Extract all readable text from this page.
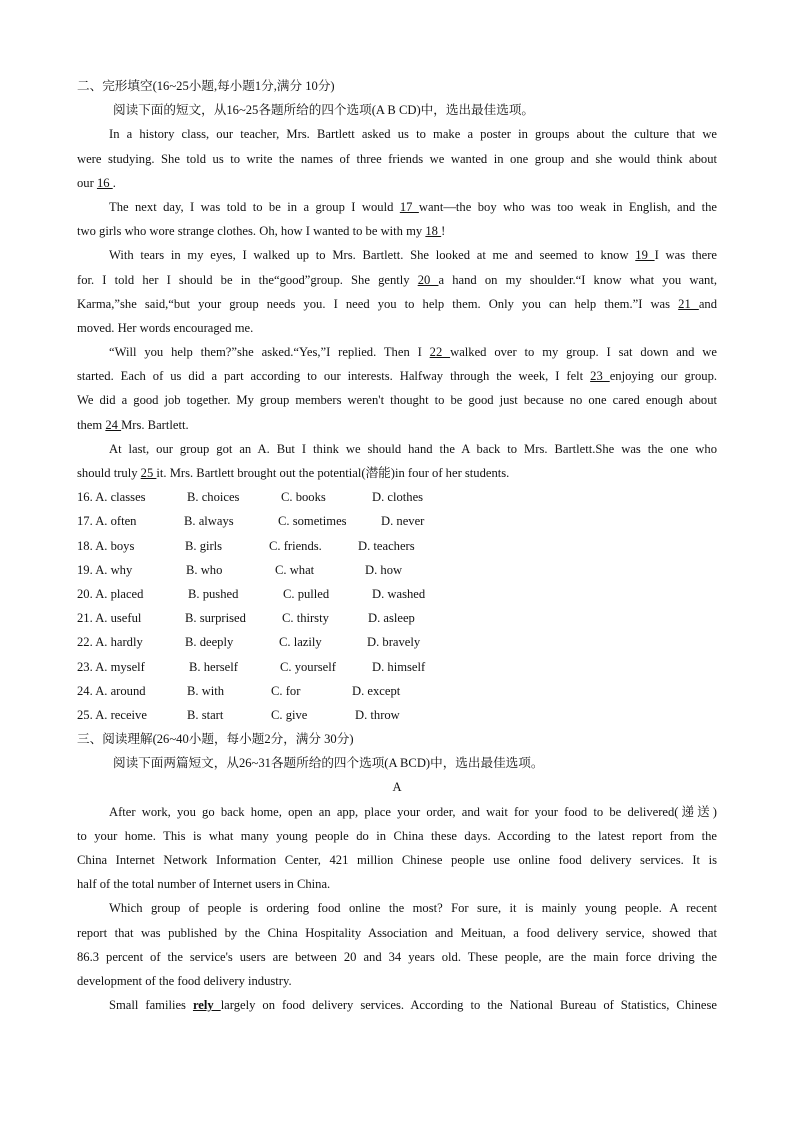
二、完形填空(16~25小题,每小题1分,满分 10分)
阅读下面的短文，从16~25各题所给的四个选项(A B CD)中，选出最佳选项。
In a history class, our teacher, Mrs. Bartlett asked us to make a poster in groups about the culture that we
were studying. She told us to write the names of three friends we wanted in one group and she would think about
our 16 .
The next day, I was told to be in a group I would 17 want—the boy who was too weak in English, and the
two girls who wore strange clothes. Oh, how I wanted to be with my 18 !
With tears in my eyes, I walked up to Mrs. Bartlett. She looked at me and seemed to know 19 I was there
for. I told her I should be in the“good”group. She gently 20 a hand on my shoulder.“I know what you want,
Karma,”she said,“but your group needs you. I need you to help them. Only you can help them.”I was 21 and
moved. Her words encouraged me.
“Will you help them?”she asked.“Yes,”I replied. Then I 22 walked over to my group. I sat down and we
started. Each of us did a part according to our interests. Halfway through the week, I felt 23 enjoying our group.
We did a good job together. My group members weren't thought to be good just because no one cared enough about
them 24 Mrs. Bartlett.
At last, our group got an A. But I think we should hand the A back to Mrs. Bartlett.She was the one who
should truly 25 it. Mrs. Bartlett brought out the potential(潜能)in four of her students.
16. A. classes	B. choices	C. books	D. clothes
17. A. often	B. always	C. sometimes	D. never
18. A. boys	B. girls	C. friends.	D. teachers
19. A. why	B. who	C. what	D. how
20. A. placed	B. pushed	C. pulled	D. washed
21. A. useful	B. surprised	C. thirsty	D. asleep
22. A. hardly	B. deeply	C. lazily	D. bravely
23. A. myself	B. herself	C. yourself	D. himself
24. A. around	B. with	C. for	D. except
25. A. receive	B. start	C. give	D. throw
三、阅读理解(26~40小题，每小题2分，满分 30分)
阅读下面两篇短文，从26~31各题所给的四个选项(A BCD)中，选出最佳选项。
A
After work, you go back home, open an app, place your order, and wait for your food to be delivered(递送)
to your home. This is what many young people do in China these days. According to the latest report from the
China Internet Network Information Center, 421 million Chinese people use online food delivery services. It is
half of the total number of Internet users in China.
Which group of people is ordering food online the most? For sure, it is mainly young people. A recent
report that was published by the China Hospitality Association and Meituan, a food delivery service, showed that
86.3 percent of the service's users are between 20 and 34 years old. These people, are the main force driving the
development of the food delivery industry.
Small families rely largely on food delivery services. According to the National Bureau of Statistics, Chinese
